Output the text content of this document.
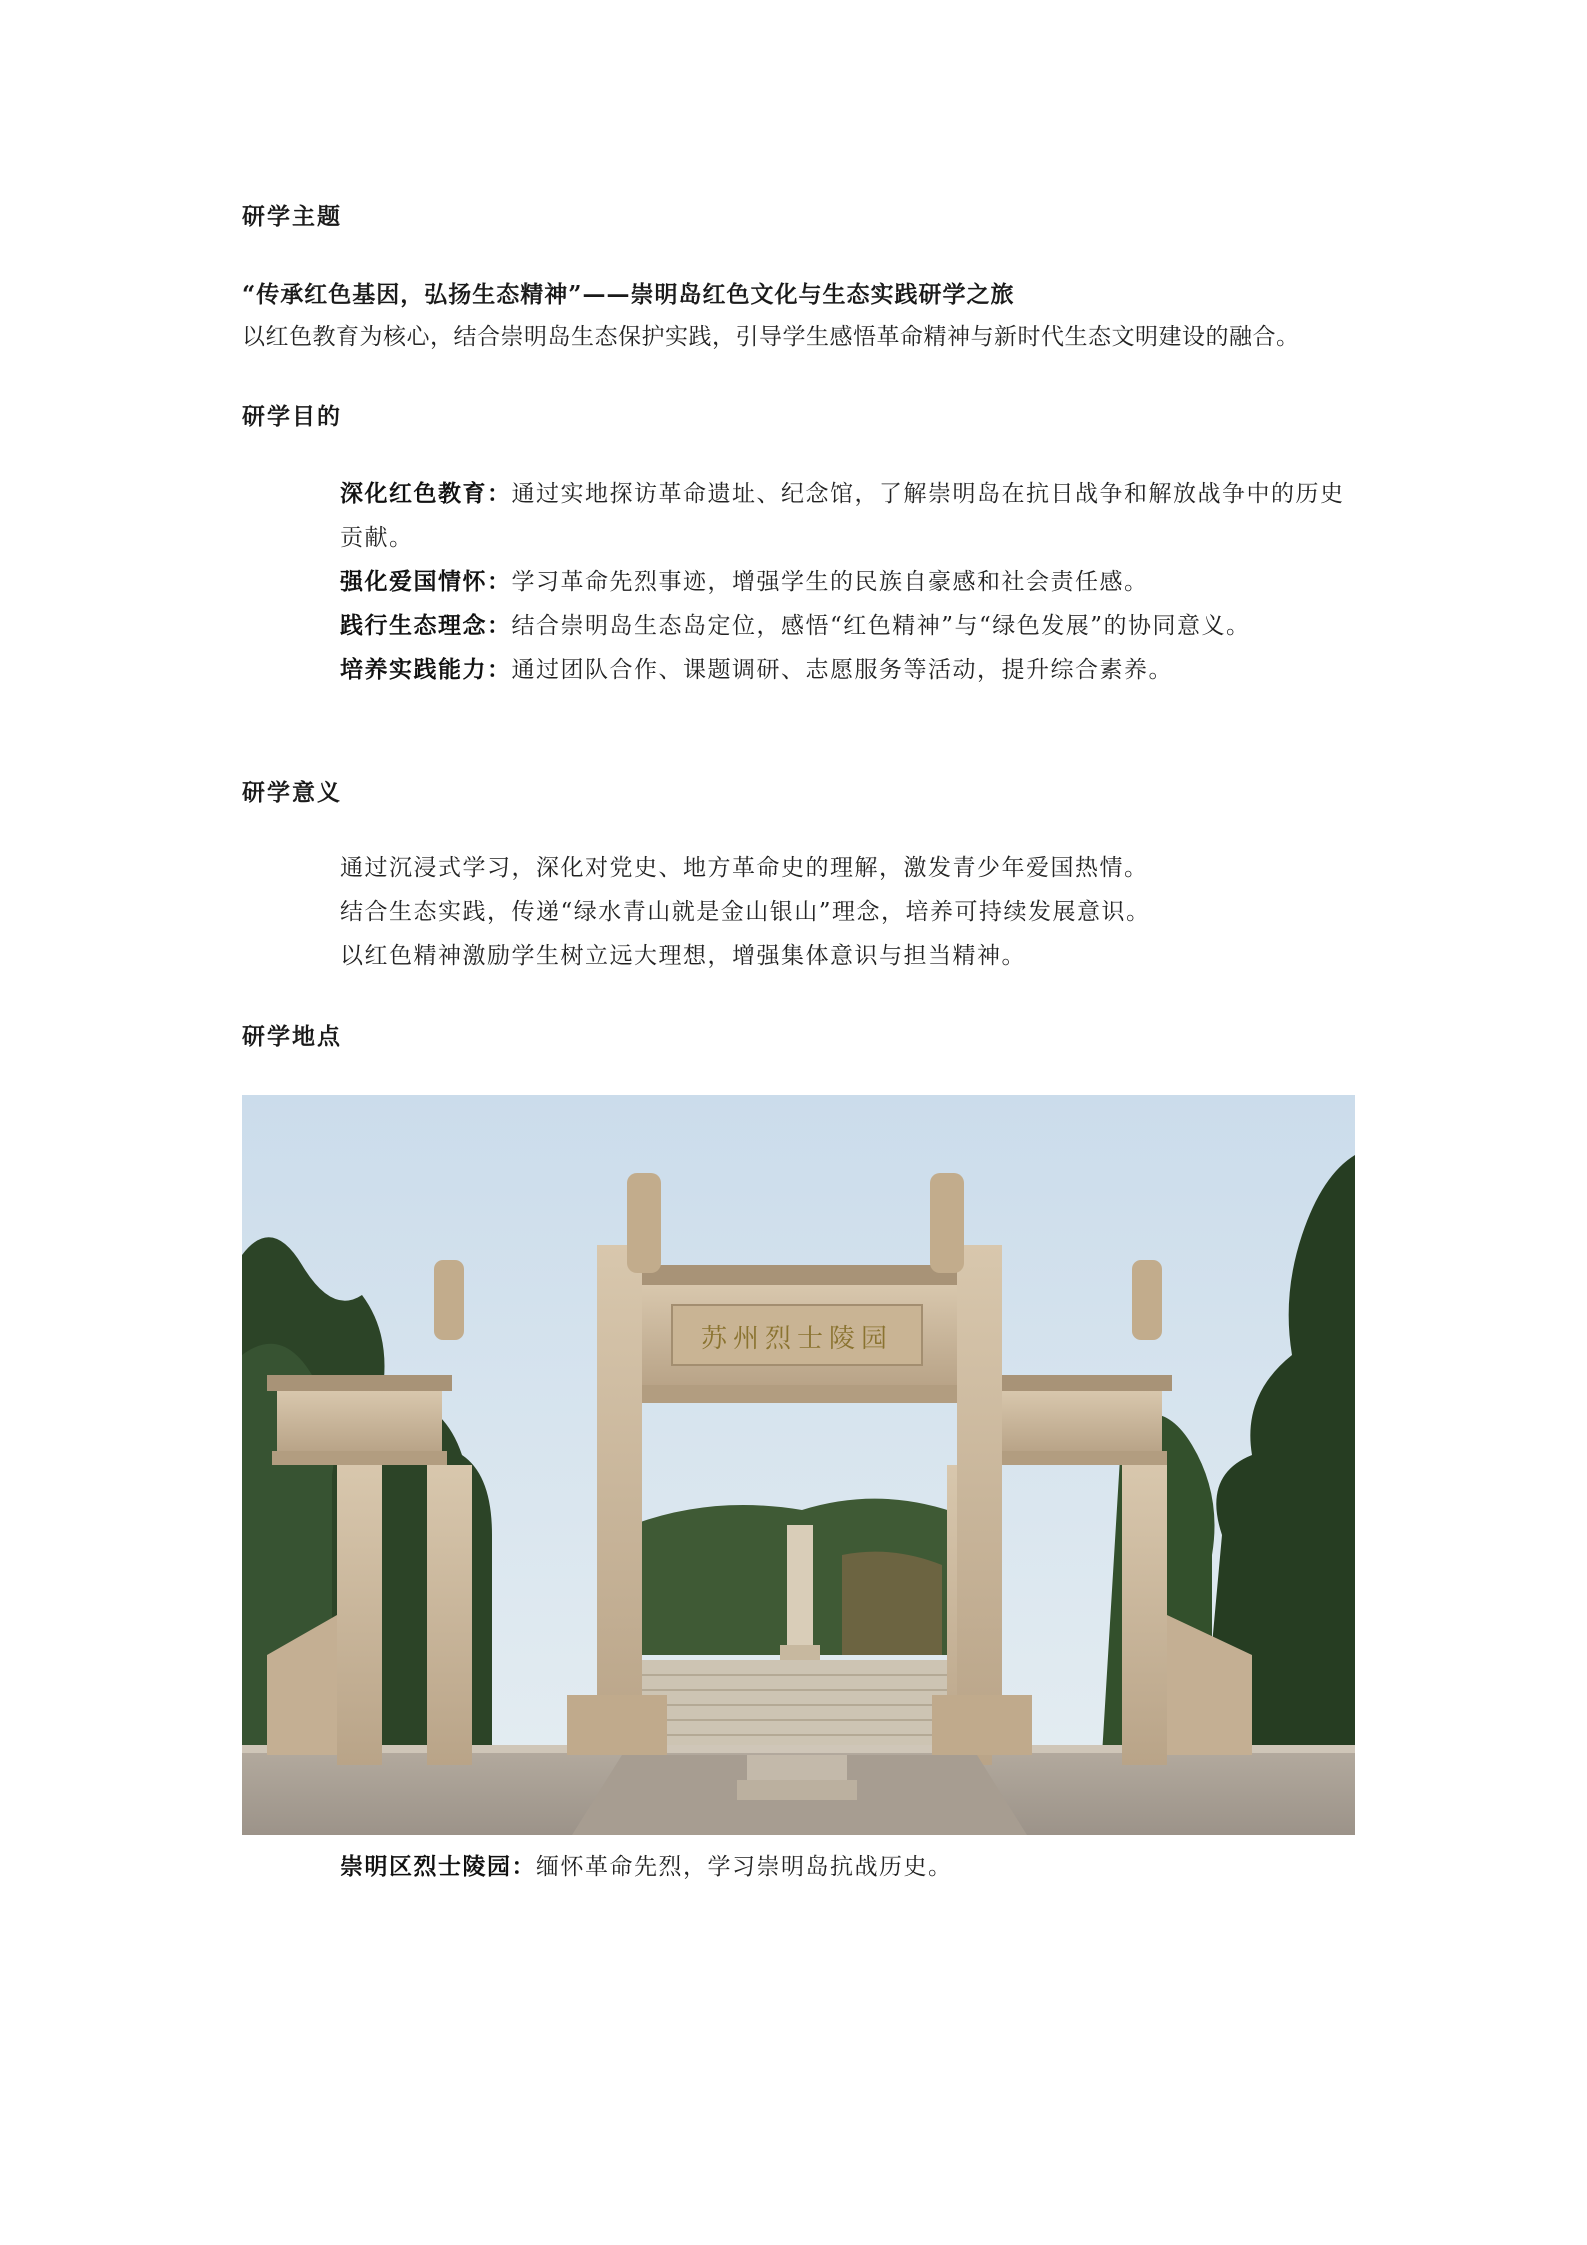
研学主题
“传承红色基因，弘扬生态精神”——崇明岛红色文化与生态实践研学之旅
以红色教育为核心，结合崇明岛生态保护实践，引导学生感悟革命精神与新时代生态文明建设的融合。
研学目的

深化红色教育：通过实地探访革命遗址、纪念馆，了解崇明岛在抗日战争和解放战争中的历史贡献。

强化爱国情怀：学习革命先烈事迹，增强学生的民族自豪感和社会责任感。

践行生态理念：结合崇明岛生态岛定位，感悟“红色精神”与“绿色发展”的协同意义。

培养实践能力：通过团队合作、课题调研、志愿服务等活动，提升综合素养。

研学意义

通过沉浸式学习，深化对党史、地方革命史的理解，激发青少年爱国热情。

结合生态实践，传递“绿水青山就是金山银山”理念，培养可持续发展意识。

以红色精神激励学生树立远大理想，增强集体意识与担当精神。

研学地点
苏州烈士陵园
崇明区烈士陵园：缅怀革命先烈，学习崇明岛抗战历史。
